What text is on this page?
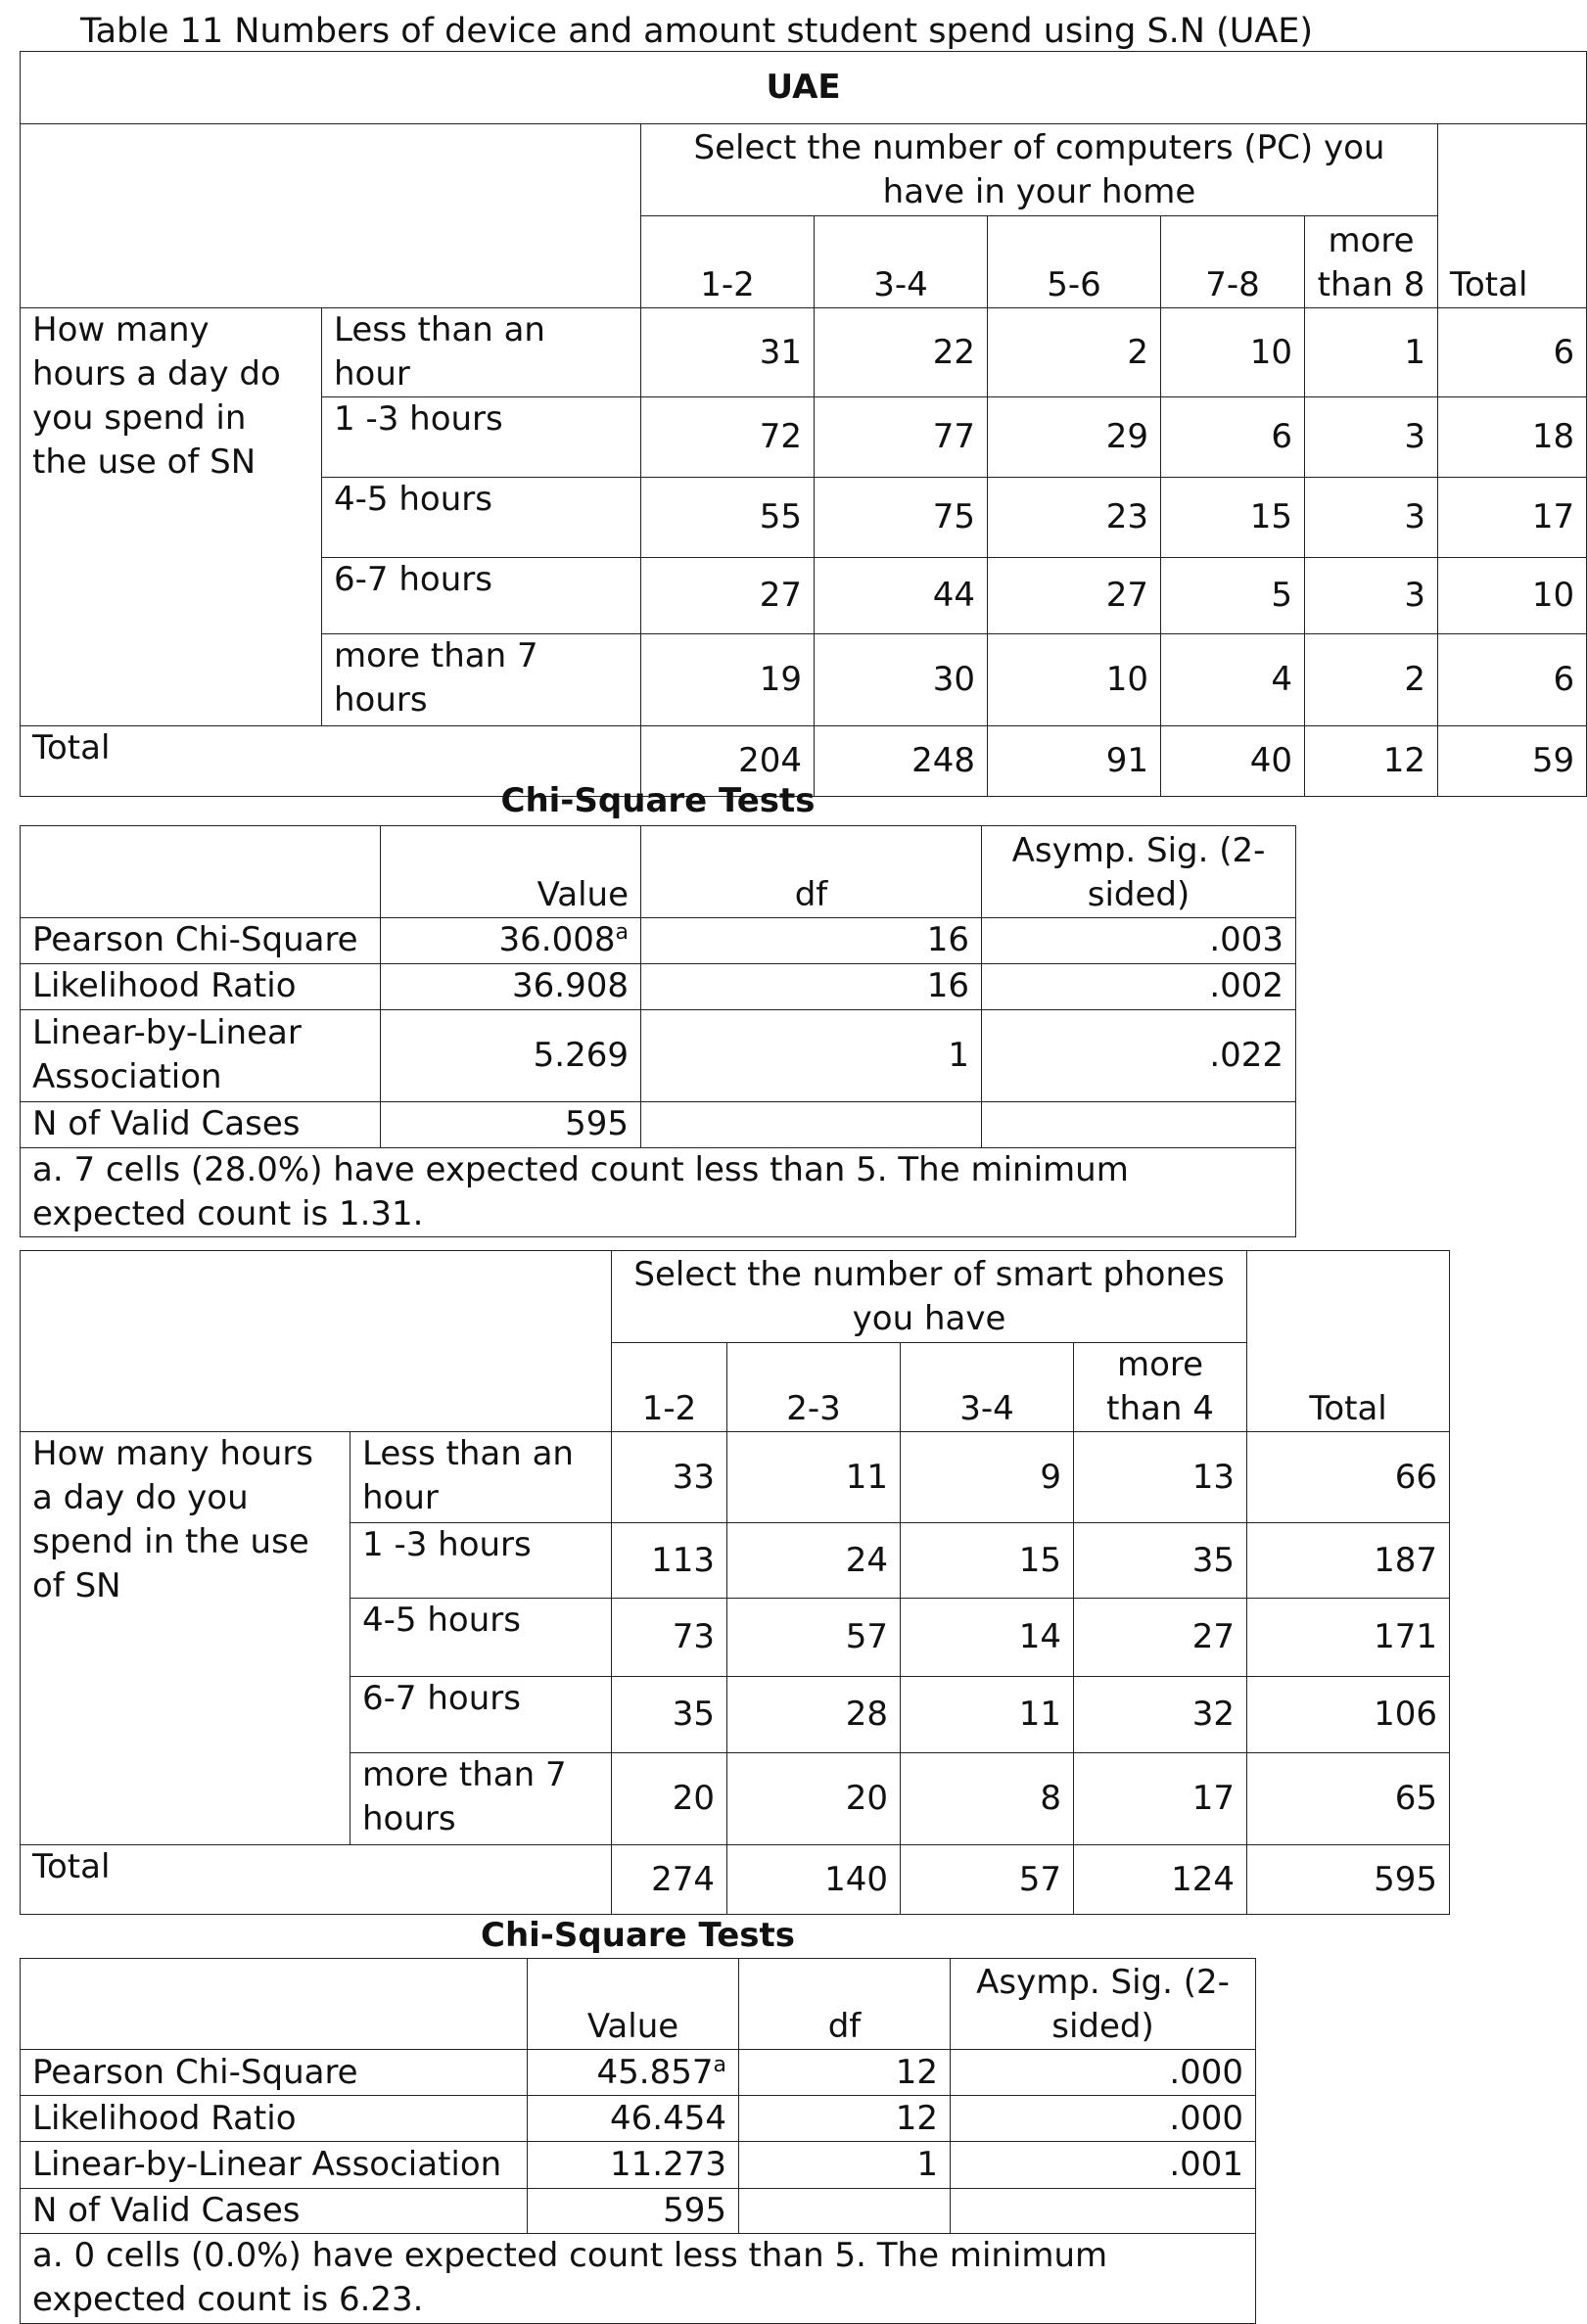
Table 11 Numbers of device and amount student spend using S.N (UAE)
UAE							
		Select the number of computers (PC) you have in your home					Total
		1-2	3-4	5-6	7-8	more than 8	
How many hours a day do you spend in the use of SN	Less than an hour	31	22	2	10	1	6
	1 -3 hours	72	77	29	6	3	18
	4-5 hours	55	75	23	15	3	17
	6-7 hours	27	44	27	5	3	10
	more than 7 hours	19	30	10	4	2	6
Total		204	248	91	40	12	59
Chi-Square Tests			
	Value	df	Asymp. Sig. (2-sided)
Pearson Chi-Square	36.008$^a$	16	.003
Likelihood Ratio	36.908	16	.002
Linear-by-Linear Association	5.269	1	.022
N of Valid Cases	595		
a. 7 cells (28.0%) have expected count less than 5. The minimum expected count is 1.31.			
		Select the number of smart phones you have				Total
		1-2	2-3	3-4	more than 4	
How many hours a day do you spend in the use of SN	Less than an hour	33	11	9	13	66
	1 -3 hours	113	24	15	35	187
	4-5 hours	73	57	14	27	171
	6-7 hours	35	28	11	32	106
	more than 7 hours	20	20	8	17	65
Total		274	140	57	124	595
Chi-Square Tests			
	Value	df	Asymp. Sig. (2-sided)
Pearson Chi-Square	45.857$^a$	12	.000
Likelihood Ratio	46.454	12	.000
Linear-by-Linear Association	11.273	1	.001
N of Valid Cases	595		
a. 0 cells (0.0%) have expected count less than 5. The minimum expected count is 6.23.			
